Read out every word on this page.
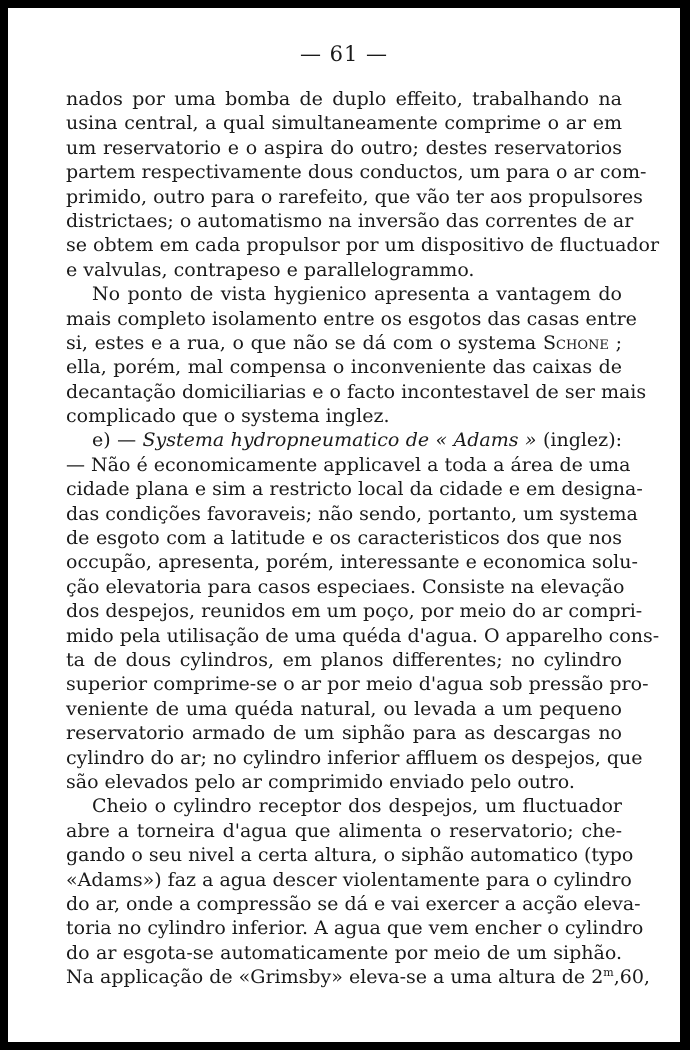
— 61 —
nados por uma bomba de duplo effeito, trabalhando na
usina central, a qual simultaneamente comprime o ar em
um reservatorio e o aspira do outro; destes reservatorios
partem respectivamente dous conductos, um para o ar com-
primido, outro para o rarefeito, que vão ter aos propulsores
districtaes; o automatismo na inversão das correntes de ar
se obtem em cada propulsor por um dispositivo de fluctuador
e valvulas, contrapeso e parallelogrammo.
No ponto de vista hygienico apresenta a vantagem do
mais completo isolamento entre os esgotos das casas entre
si, estes e a rua, o que não se dá com o systema Schone ;
ella, porém, mal compensa o inconveniente das caixas de
decantação domiciliarias e o facto incontestavel de ser mais
complicado que o systema inglez.
e) — Systema hydropneumatico de « Adams » (inglez):
— Não é economicamente applicavel a toda a área de uma
cidade plana e sim a restricto local da cidade e em designa-
das condições favoraveis; não sendo, portanto, um systema
de esgoto com a latitude e os caracteristicos dos que nos
occupão, apresenta, porém, interessante e economica solu-
ção elevatoria para casos especiaes. Consiste na elevação
dos despejos, reunidos em um poço, por meio do ar compri-
mido pela utilisação de uma quéda d'agua. O apparelho cons-
ta de dous cylindros, em planos differentes; no cylindro
superior comprime-se o ar por meio d'agua sob pressão pro-
veniente de uma quéda natural, ou levada a um pequeno
reservatorio armado de um siphão para as descargas no
cylindro do ar; no cylindro inferior affluem os despejos, que
são elevados pelo ar comprimido enviado pelo outro.
Cheio o cylindro receptor dos despejos, um fluctuador
abre a torneira d'agua que alimenta o reservatorio; che-
gando o seu nivel a certa altura, o siphão automatico (typo
«Adams») faz a agua descer violentamente para o cylindro
do ar, onde a compressão se dá e vai exercer a acção eleva-
toria no cylindro inferior. A agua que vem encher o cylindro
do ar esgota-se automaticamente por meio de um siphão.
Na applicação de «Grimsby» eleva-se a uma altura de 2$^m$,60,
